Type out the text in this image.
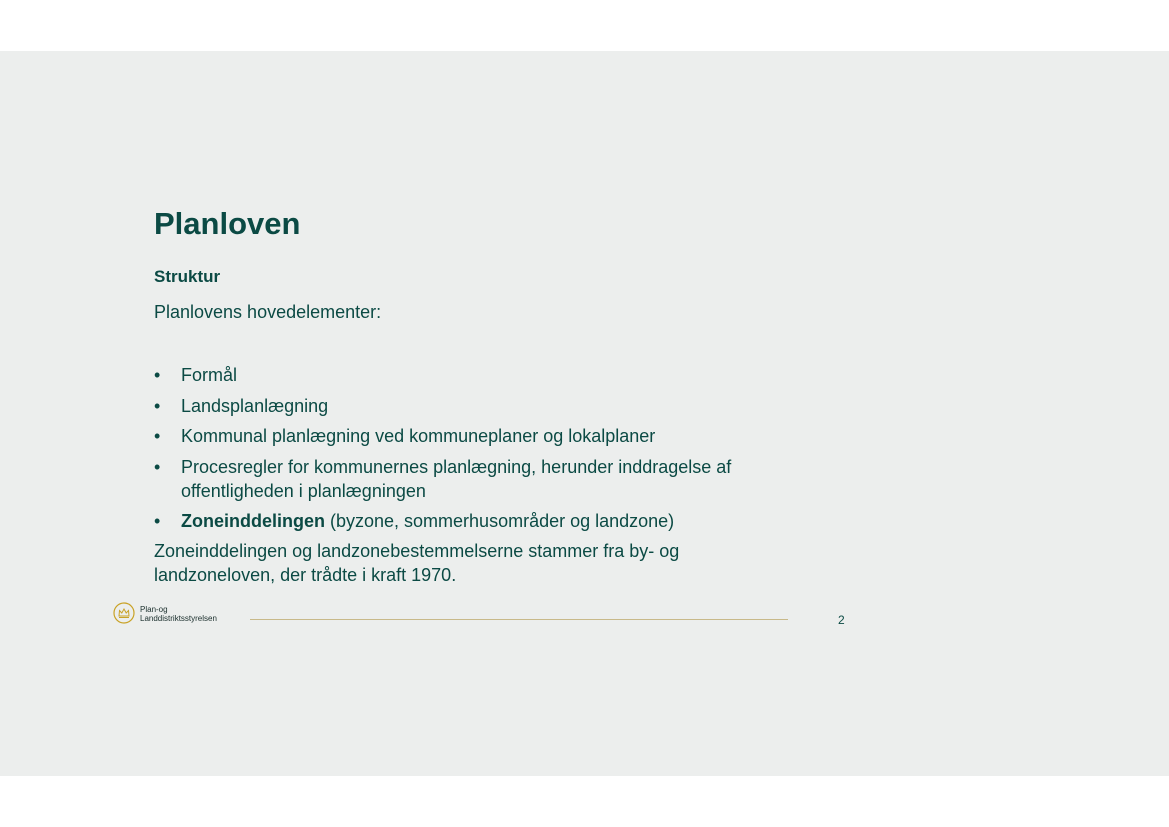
Planloven
Struktur
Planlovens hovedelementer:
• Formål
• Landsplanlægning
• Kommunal planlægning ved kommuneplaner og lokalplaner
• Procesregler for kommunernes planlægning, herunder inddragelse af offentligheden i planlægningen
• Zoneinddelingen (byzone, sommerhusområder og landzone)
Zoneinddelingen og landzonebestemmelserne stammer fra by- og landzoneloven, der trådte i kraft 1970.
Plan-og
Landdistriktsstyrelsen	2
